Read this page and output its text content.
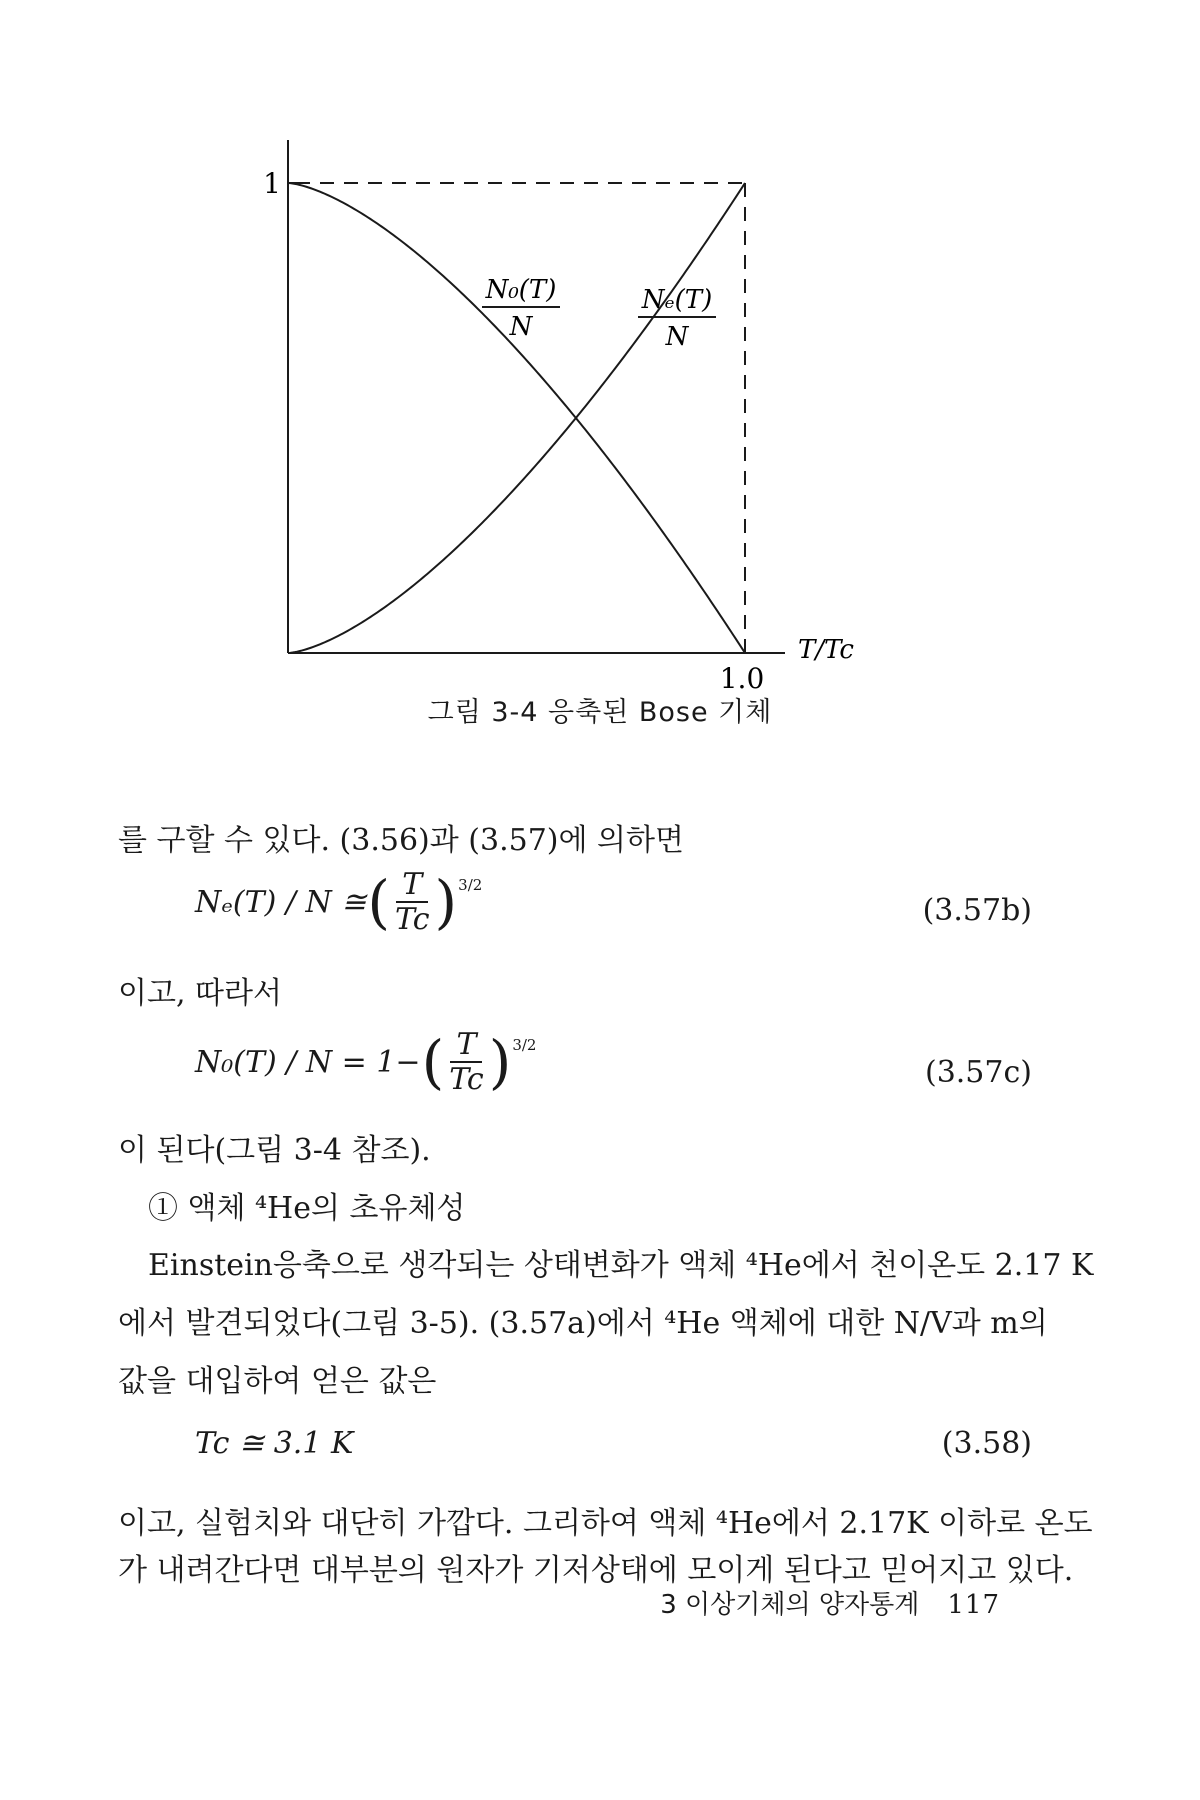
1
1.0
T/Tc
N₀(T)
N
Nₑ(T)
N
그림 3-4 응축된 Bose 기체
를 구할 수 있다. (3.56)과 (3.57)에 의하면
Nₑ(T) / N ≅ ( $\frac{T}{Tc}$ ) 3/2
(3.57b)
이고, 따라서
N₀(T) / N = 1− ( $\frac{T}{Tc}$ ) 3/2
(3.57c)
이 된다(그림 3-4 참조).
① 액체 ⁴He의 초유체성
Einstein응축으로 생각되는 상태변화가 액체 ⁴He에서 천이온도 2.17 K
에서 발견되었다(그림 3-5). (3.57a)에서 ⁴He 액체에 대한 N/V과 m의
값을 대입하여 얻은 값은
Tc ≅ 3.1 K	(3.58)
이고, 실험치와 대단히 가깝다. 그리하여 액체 ⁴He에서 2.17K 이하로 온도
가 내려간다면 대부분의 원자가 기저상태에 모이게 된다고 믿어지고 있다.
3 이상기체의 양자통계 117
